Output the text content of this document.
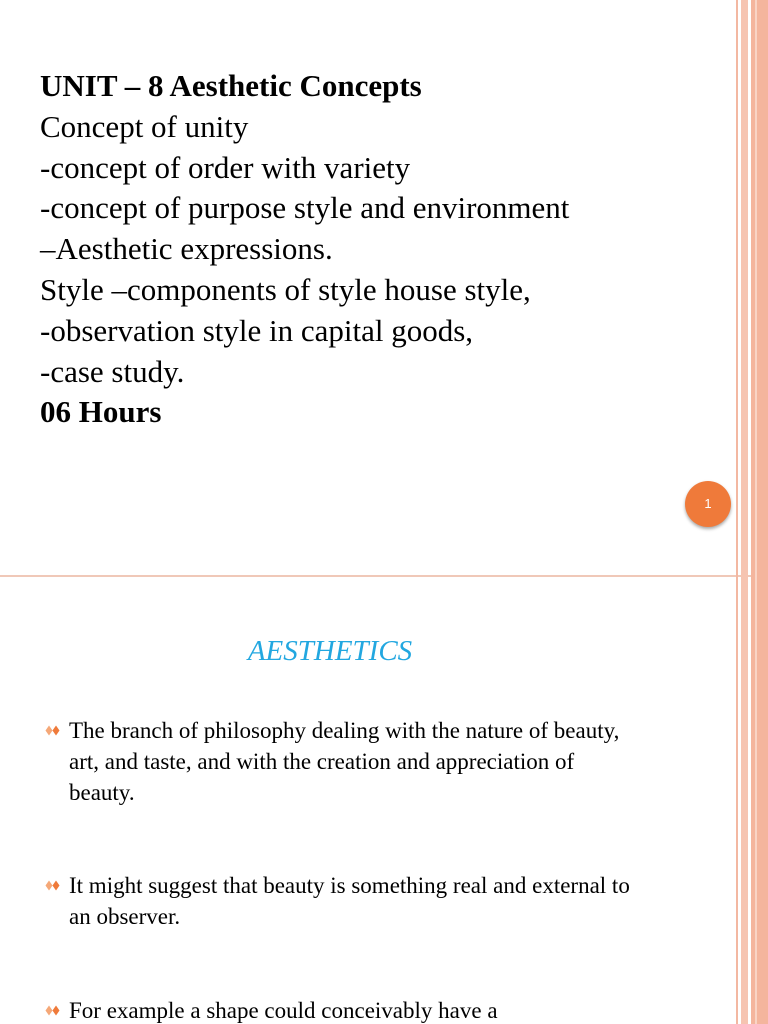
UNIT – 8 Aesthetic Concepts
Concept of unity
-concept of order with variety
-concept of purpose style and environment
–Aesthetic expressions.
Style –components of style house style,
-observation style in capital goods,
-case study.
06 Hours
1
AESTHETICS
The branch of philosophy dealing with the nature of beauty, art, and taste, and with the creation and appreciation of beauty.
It might suggest that beauty is something real and external to an observer.
For example a shape could conceivably have a
